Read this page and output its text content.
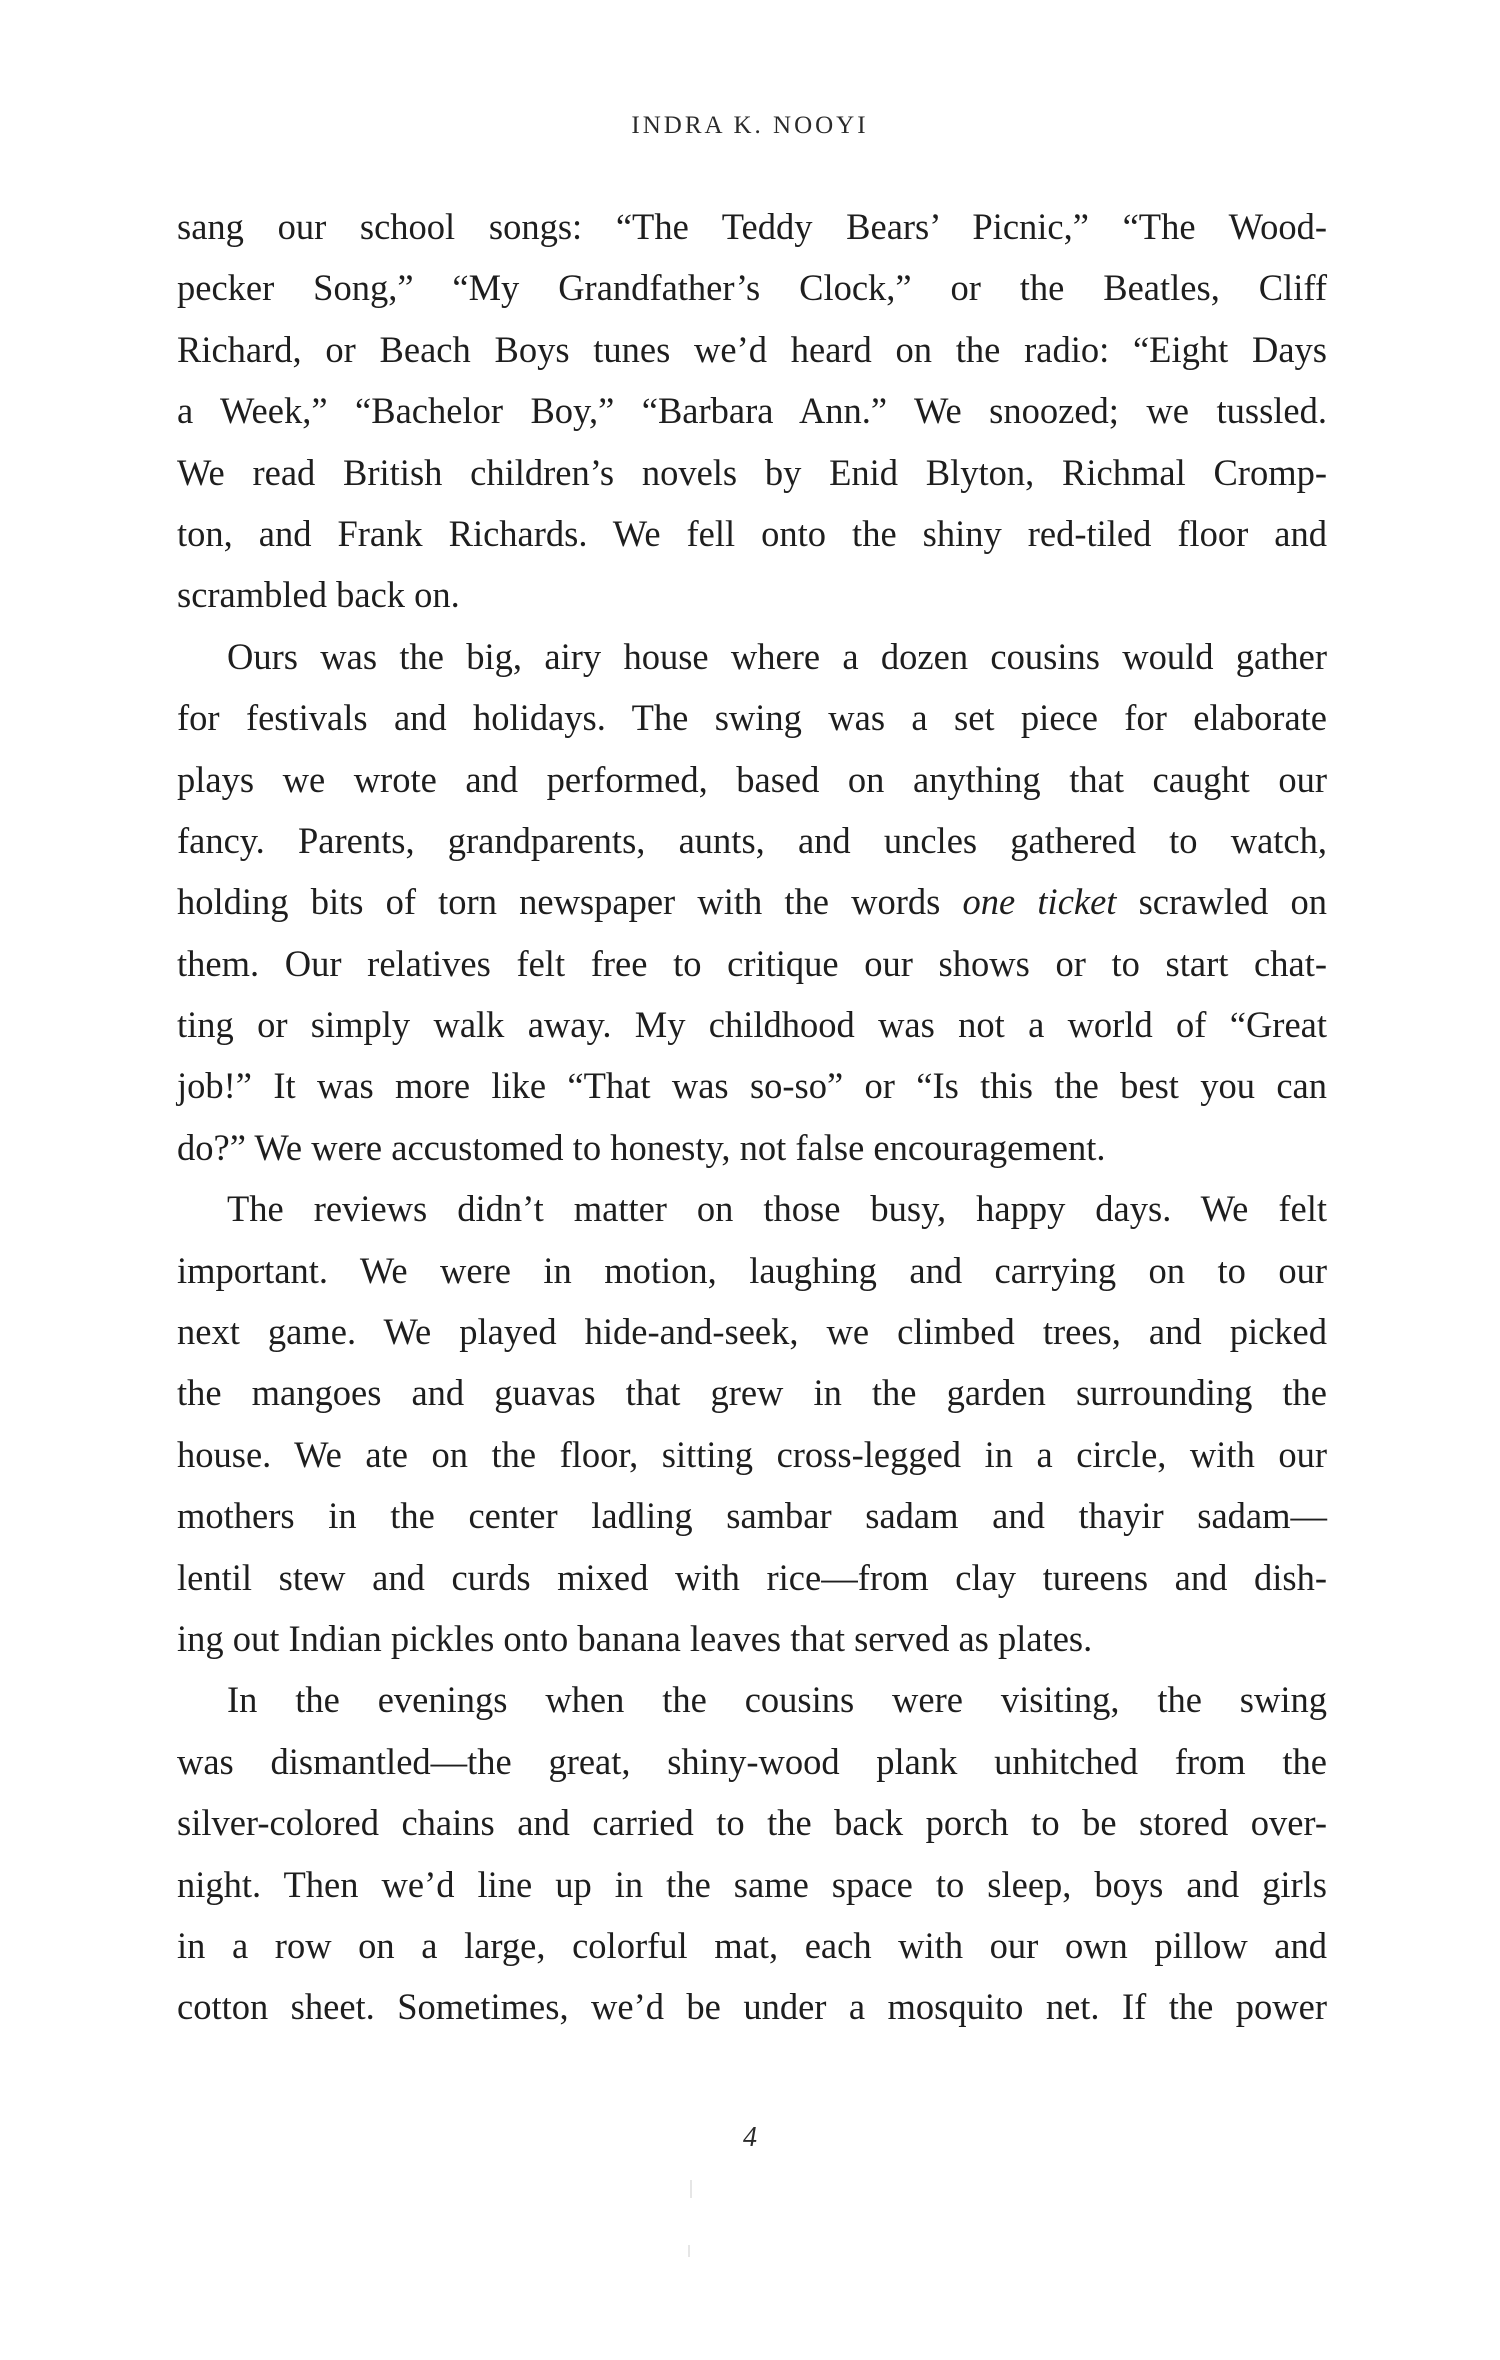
INDRA K. NOOYI
sang our school songs: “The Teddy Bears’ Picnic,” “The Wood-
pecker Song,” “My Grandfather’s Clock,” or the Beatles, Cliff
Richard, or Beach Boys tunes we’d heard on the radio: “Eight Days
a Week,” “Bachelor Boy,” “Barbara Ann.” We snoozed; we tussled.
We read British children’s novels by Enid Blyton, Richmal Cromp-
ton, and Frank Richards. We fell onto the shiny red-tiled floor and
scrambled back on.
Ours was the big, airy house where a dozen cousins would gather
for festivals and holidays. The swing was a set piece for elaborate
plays we wrote and performed, based on anything that caught our
fancy. Parents, grandparents, aunts, and uncles gathered to watch,
holding bits of torn newspaper with the words one ticket scrawled on
them. Our relatives felt free to critique our shows or to start chat-
ting or simply walk away. My childhood was not a world of “Great
job!” It was more like “That was so-so” or “Is this the best you can
do?” We were accustomed to honesty, not false encouragement.
The reviews didn’t matter on those busy, happy days. We felt
important. We were in motion, laughing and carrying on to our
next game. We played hide-and-seek, we climbed trees, and picked
the mangoes and guavas that grew in the garden surrounding the
house. We ate on the floor, sitting cross-legged in a circle, with our
mothers in the center ladling sambar sadam and thayir sadam—
lentil stew and curds mixed with rice—from clay tureens and dish-
ing out Indian pickles onto banana leaves that served as plates.
In the evenings when the cousins were visiting, the swing
was dismantled—the great, shiny-wood plank unhitched from the
silver-colored chains and carried to the back porch to be stored over-
night. Then we’d line up in the same space to sleep, boys and girls
in a row on a large, colorful mat, each with our own pillow and
cotton sheet. Sometimes, we’d be under a mosquito net. If the power
4
